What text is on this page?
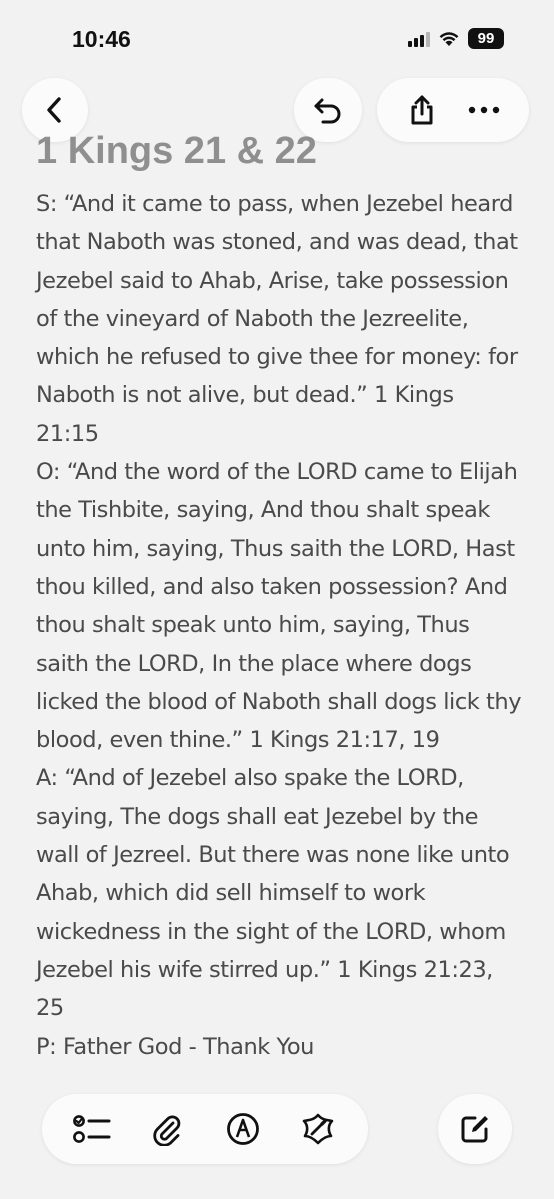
10:46	99
1 Kings 21 & 22

S: “And it came to pass, when Jezebel heard that Naboth was stoned, and was dead, that Jezebel said to Ahab, Arise, take possession of the vineyard of Naboth the Jezreelite, which he refused to give thee for money: for Naboth is not alive, but dead.” 1 Kings 21:15

O: “And the word of the LORD came to Elijah the Tishbite, saying, And thou shalt speak unto him, saying, Thus saith the LORD, Hast thou killed, and also taken possession? And thou shalt speak unto him, saying, Thus saith the LORD, In the place where dogs licked the blood of Naboth shall dogs lick thy blood, even thine.” 1 Kings 21:17, 19

A: “And of Jezebel also spake the LORD, saying, The dogs shall eat Jezebel by the wall of Jezreel. But there was none like unto Ahab, which did sell himself to work wickedness in the sight of the LORD, whom Jezebel his wife stirred up.” 1 Kings 21:23, 25

P: Father God - Thank You
